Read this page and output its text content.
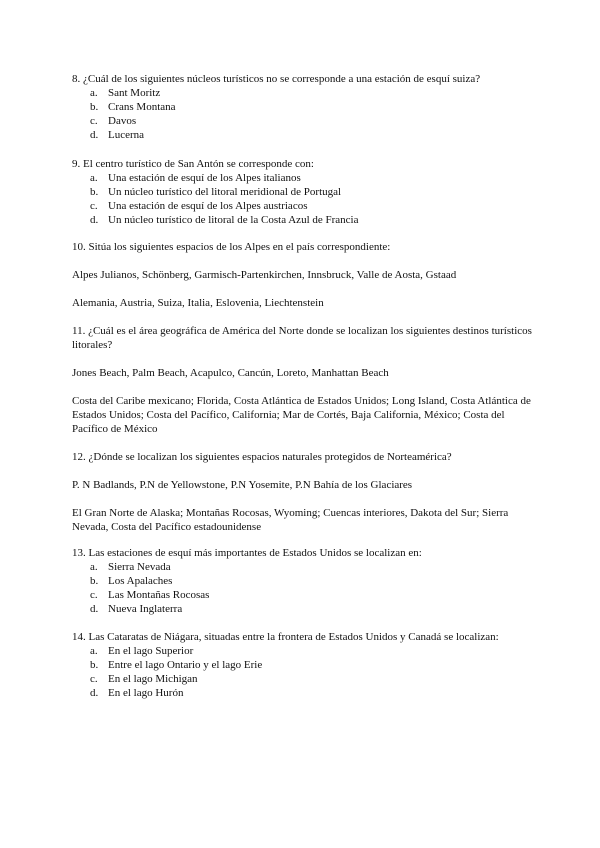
8. ¿Cuál de los siguientes núcleos turísticos no se corresponde a una estación de esquí suiza?

a. Sant Moritz
b. Crans Montana
c. Davos
d. Lucerna

9. El centro turístico de San Antón se corresponde con:

a. Una estación de esquí de los Alpes italianos
b. Un núcleo turístico del litoral meridional de Portugal
c. Una estación de esquí de los Alpes austriacos
d. Un núcleo turístico de litoral de la Costa Azul de Francia

10. Sitúa los siguientes espacios de los Alpes en el país correspondiente:

Alpes Julianos, Schönberg, Garmisch-Partenkirchen, Innsbruck, Valle de Aosta, Gstaad

Alemania, Austria, Suiza, Italia, Eslovenia, Liechtenstein

11. ¿Cuál es el área geográfica de América del Norte donde se localizan los siguientes destinos turísticos litorales?

Jones Beach, Palm Beach, Acapulco, Cancún, Loreto, Manhattan Beach

Costa del Caribe mexicano; Florida, Costa Atlántica de Estados Unidos; Long Island, Costa Atlántica de Estados Unidos; Costa del Pacífico, California; Mar de Cortés, Baja California, México; Costa del Pacífico de México

12. ¿Dónde se localizan los siguientes espacios naturales protegidos de Norteamérica?

P. N Badlands, P.N de Yellowstone, P.N Yosemite, P.N Bahía de los Glaciares

El Gran Norte de Alaska; Montañas Rocosas, Wyoming; Cuencas interiores, Dakota del Sur; Sierra Nevada, Costa del Pacífico estadounidense

13. Las estaciones de esquí más importantes de Estados Unidos se localizan en:

a. Sierra Nevada
b. Los Apalaches
c. Las Montañas Rocosas
d. Nueva Inglaterra

14. Las Cataratas de Niágara, situadas entre la frontera de Estados Unidos y Canadá se localizan:

a. En el lago Superior
b. Entre el lago Ontario y el lago Erie
c. En el lago Michigan
d. En el lago Hurón
